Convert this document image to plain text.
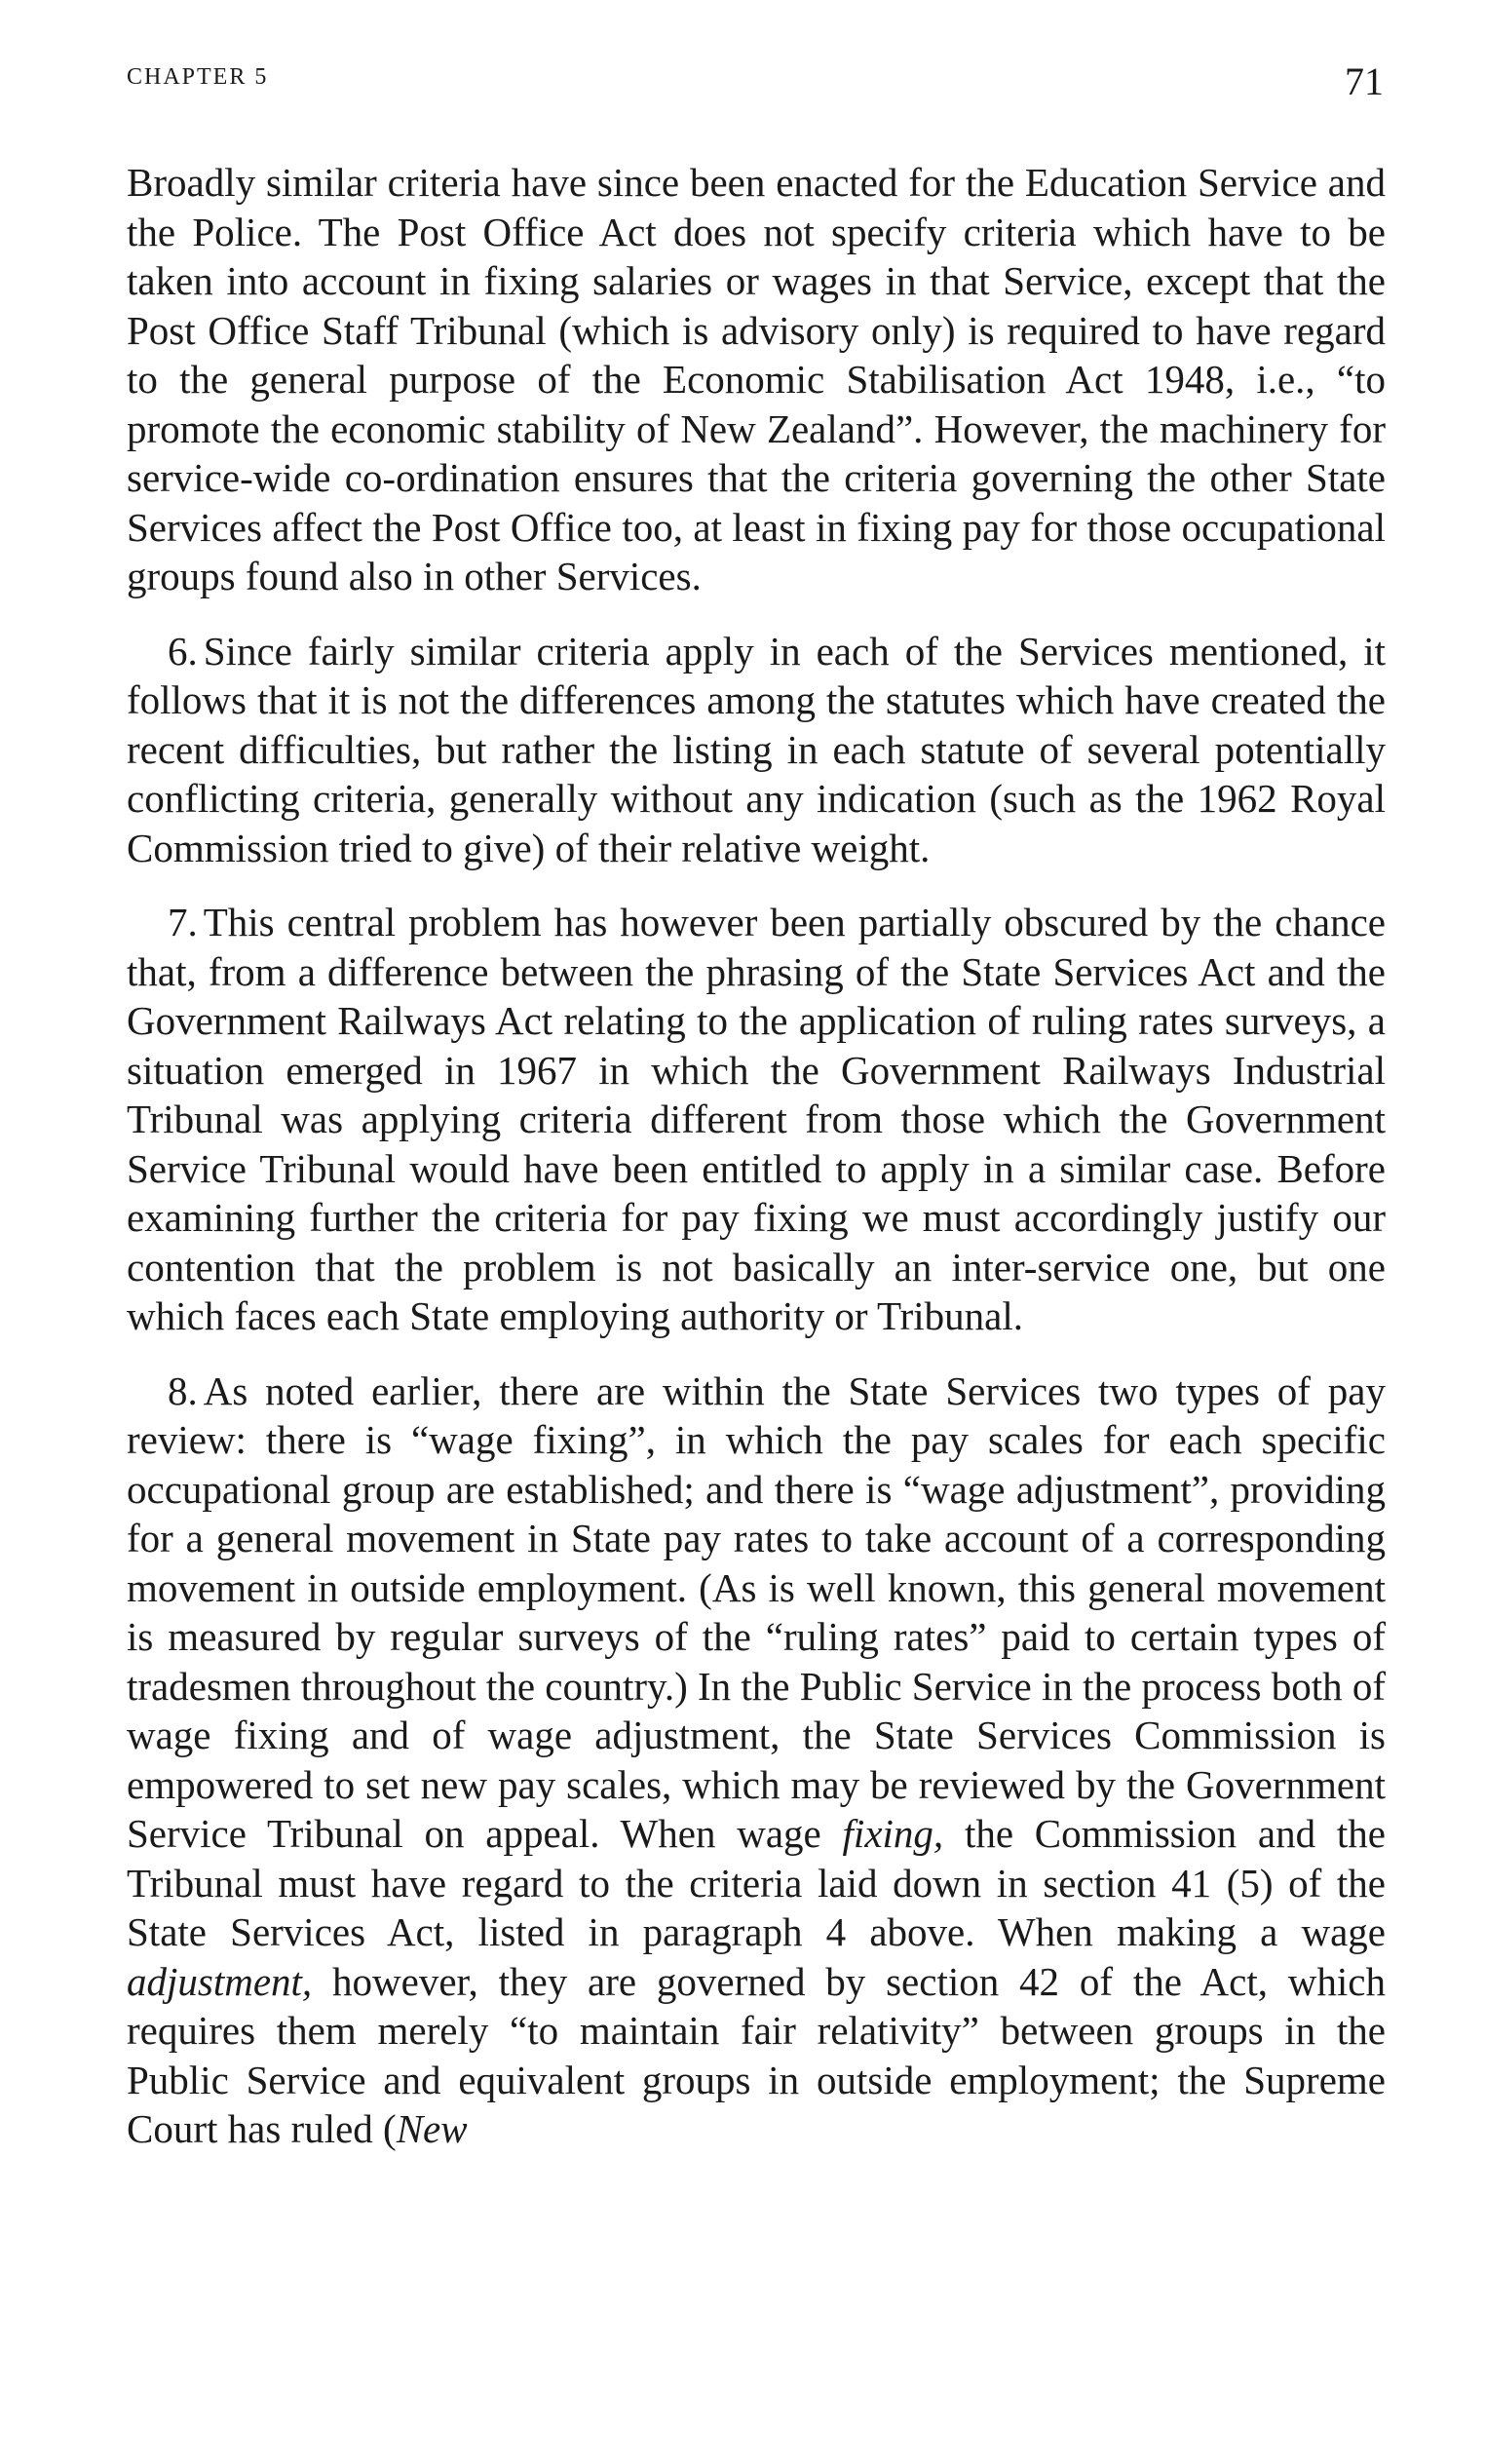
CHAPTER 5	71

Broadly similar criteria have since been enacted for the Education Service and the Police. The Post Office Act does not specify criteria which have to be taken into account in fixing salaries or wages in that Service, except that the Post Office Staff Tribunal (which is advisory only) is required to have regard to the general purpose of the Economic Stabilisation Act 1948, i.e., “to promote the economic stability of New Zealand”. However, the machinery for service-wide co-ordination ensures that the criteria governing the other State Services affect the Post Office too, at least in fixing pay for those occupational groups found also in other Services.

6. Since fairly similar criteria apply in each of the Services mentioned, it follows that it is not the differences among the statutes which have created the recent difficulties, but rather the listing in each statute of several potentially conflicting criteria, generally without any indication (such as the 1962 Royal Commission tried to give) of their relative weight.

7. This central problem has however been partially obscured by the chance that, from a difference between the phrasing of the State Services Act and the Government Railways Act relating to the application of ruling rates surveys, a situation emerged in 1967 in which the Government Railways Industrial Tribunal was applying criteria different from those which the Government Service Tribunal would have been entitled to apply in a similar case. Before examining further the criteria for pay fixing we must accordingly justify our contention that the problem is not basically an inter-service one, but one which faces each State employing authority or Tribunal.

8. As noted earlier, there are within the State Services two types of pay review: there is “wage fixing”, in which the pay scales for each specific occupational group are established; and there is “wage adjustment”, providing for a general movement in State pay rates to take account of a corresponding movement in outside employment. (As is well known, this general movement is measured by regular surveys of the “ruling rates” paid to certain types of tradesmen throughout the country.) In the Public Service in the process both of wage fixing and of wage adjustment, the State Services Commission is empowered to set new pay scales, which may be reviewed by the Government Service Tribunal on appeal. When wage fixing, the Commission and the Tribunal must have regard to the criteria laid down in section 41 (5) of the State Services Act, listed in paragraph 4 above. When making a wage adjustment, however, they are governed by section 42 of the Act, which requires them merely “to maintain fair relativity” between groups in the Public Service and equivalent groups in outside employment; the Supreme Court has ruled (New
